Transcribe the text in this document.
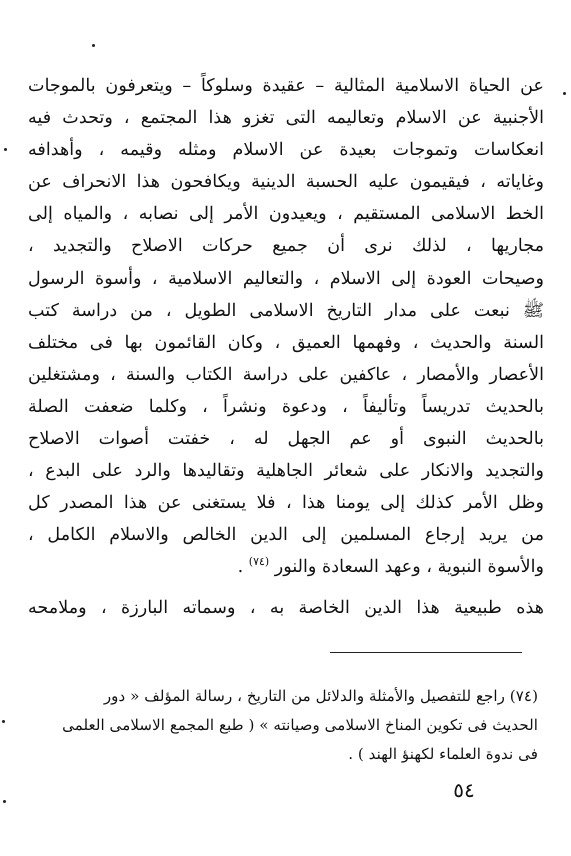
عن الحياة الاسلامية المثالية – عقيدة وسلوكاً – ويتعرفون بالموجات
الأجنبية عن الاسلام وتعاليمه التى تغزو هذا المجتمع ، وتحدث فيه
انعكاسات وتموجات بعيدة عن الاسلام ومثله وقيمه ، وأهدافه
وغاياته ، فيقيمون عليه الحسبة الدينية ويكافحون هذا الانحراف عن
الخط الاسلامى المستقيم ، ويعيدون الأمر إلى نصابه ، والمياه إلى
مجاريها ، لذلك نرى أن جميع حركات الاصلاح والتجديد ،
وصيحات العودة إلى الاسلام ، والتعاليم الاسلامية ، وأسوة الرسول
ﷺ نبعت على مدار التاريخ الاسلامى الطويل ، من دراسة كتب
السنة والحديث ، وفهمها العميق ، وكان القائمون بها فى مختلف
الأعصار والأمصار ، عاكفين على دراسة الكتاب والسنة ، ومشتغلين
بالحديث تدريساً وتأليفاً ، ودعوة ونشراً ، وكلما ضعفت الصلة
بالحديث النبوى أو عم الجهل له ، خفتت أصوات الاصلاح
والتجديد والانكار على شعائر الجاهلية وتقاليدها والرد على البدع ،
وظل الأمر كذلك إلى يومنا هذا ، فلا يستغنى عن هذا المصدر كل
من يريد إرجاع المسلمين إلى الدين الخالص والاسلام الكامل ،
والأسوة النبوية ، وعهد السعادة والنور $^{(٧٤)}$ .
هذه طبيعية هذا الدين الخاصة به ، وسماته البارزة ، وملامحه
(٧٤) راجع للتفصيل والأمثلة والدلائل من التاريخ ، رسالة المؤلف « دور
الحديث فى تكوين المناخ الاسلامى وصيانته » ( طبع المجمع الاسلامى العلمى
فى ندوة العلماء لكهنؤ الهند ) .
٥٤
